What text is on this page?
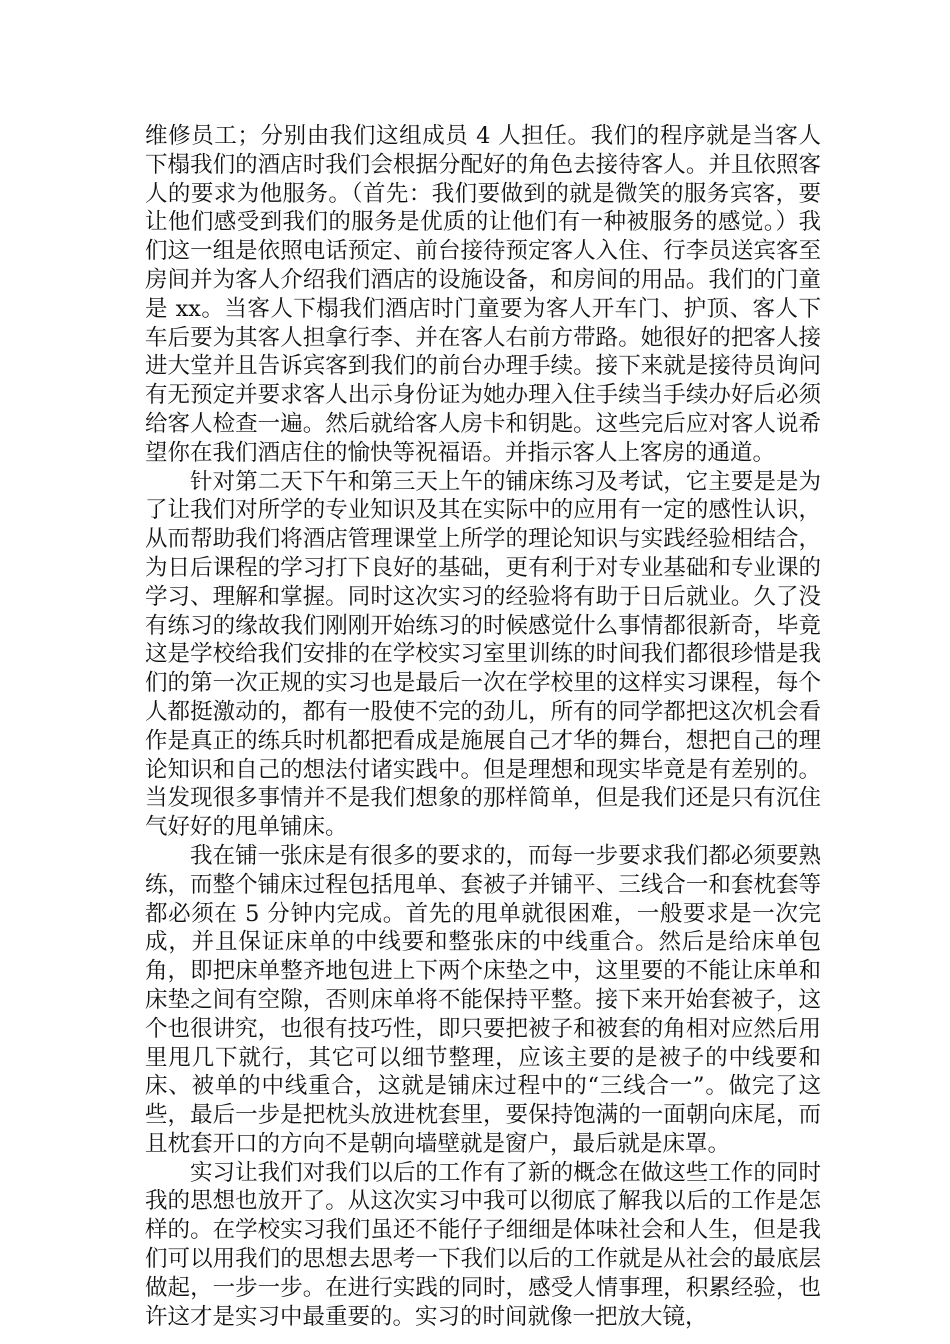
维修员工；分别由我们这组成员 4 人担任。我们的程序就是当客人下榻我们的酒店时我们会根据分配好的角色去接待客人。并且依照客人的要求为他服务。（首先：我们要做到的就是微笑的服务宾客，要让他们感受到我们的服务是优质的让他们有一种被服务的感觉。）我们这一组是依照电话预定、前台接待预定客人入住、行李员送宾客至房间并为客人介绍我们酒店的设施设备，和房间的用品。我们的门童是 xx。当客人下榻我们酒店时门童要为客人开车门、护顶、客人下车后要为其客人担拿行李、并在客人右前方带路。她很好的把客人接进大堂并且告诉宾客到我们的前台办理手续。接下来就是接待员询问有无预定并要求客人出示身份证为她办理入住手续当手续办好后必须给客人检查一遍。然后就给客人房卡和钥匙。这些完后应对客人说希望你在我们酒店住的愉快等祝福语。并指示客人上客房的通道。

针对第二天下午和第三天上午的铺床练习及考试，它主要是是为了让我们对所学的专业知识及其在实际中的应用有一定的感性认识，从而帮助我们将酒店管理课堂上所学的理论知识与实践经验相结合，为日后课程的学习打下良好的基础，更有利于对专业基础和专业课的学习、理解和掌握。同时这次实习的经验将有助于日后就业。久了没有练习的缘故我们刚刚开始练习的时候感觉什么事情都很新奇，毕竟这是学校给我们安排的在学校实习室里训练的时间我们都很珍惜是我们的第一次正规的实习也是最后一次在学校里的这样实习课程，每个人都挺激动的，都有一股使不完的劲儿，所有的同学都把这次机会看作是真正的练兵时机都把看成是施展自己才华的舞台，想把自己的理论知识和自己的想法付诸实践中。但是理想和现实毕竟是有差别的。当发现很多事情并不是我们想象的那样简单，但是我们还是只有沉住气好好的甩单铺床。

我在铺一张床是有很多的要求的，而每一步要求我们都必须要熟练，而整个铺床过程包括甩单、套被子并铺平、三线合一和套枕套等都必须在 5 分钟内完成。首先的甩单就很困难，一般要求是一次完成，并且保证床单的中线要和整张床的中线重合。然后是给床单包角，即把床单整齐地包进上下两个床垫之中，这里要的不能让床单和床垫之间有空隙，否则床单将不能保持平整。接下来开始套被子，这个也很讲究，也很有技巧性，即只要把被子和被套的角相对应然后用里甩几下就行，其它可以细节整理，应该主要的是被子的中线要和床、被单的中线重合，这就是铺床过程中的“三线合一”。做完了这些，最后一步是把枕头放进枕套里，要保持饱满的一面朝向床尾，而且枕套开口的方向不是朝向墙壁就是窗户，最后就是床罩。

实习让我们对我们以后的工作有了新的概念在做这些工作的同时我的思想也放开了。从这次实习中我可以彻底了解我以后的工作是怎样的。在学校实习我们虽还不能仔子细细是体味社会和人生，但是我们可以用我们的思想去思考一下我们以后的工作就是从社会的最底层做起，一步一步。在进行实践的同时，感受人情事理，积累经验，也许这才是实习中最重要的。实习的时间就像一把放大镜，
